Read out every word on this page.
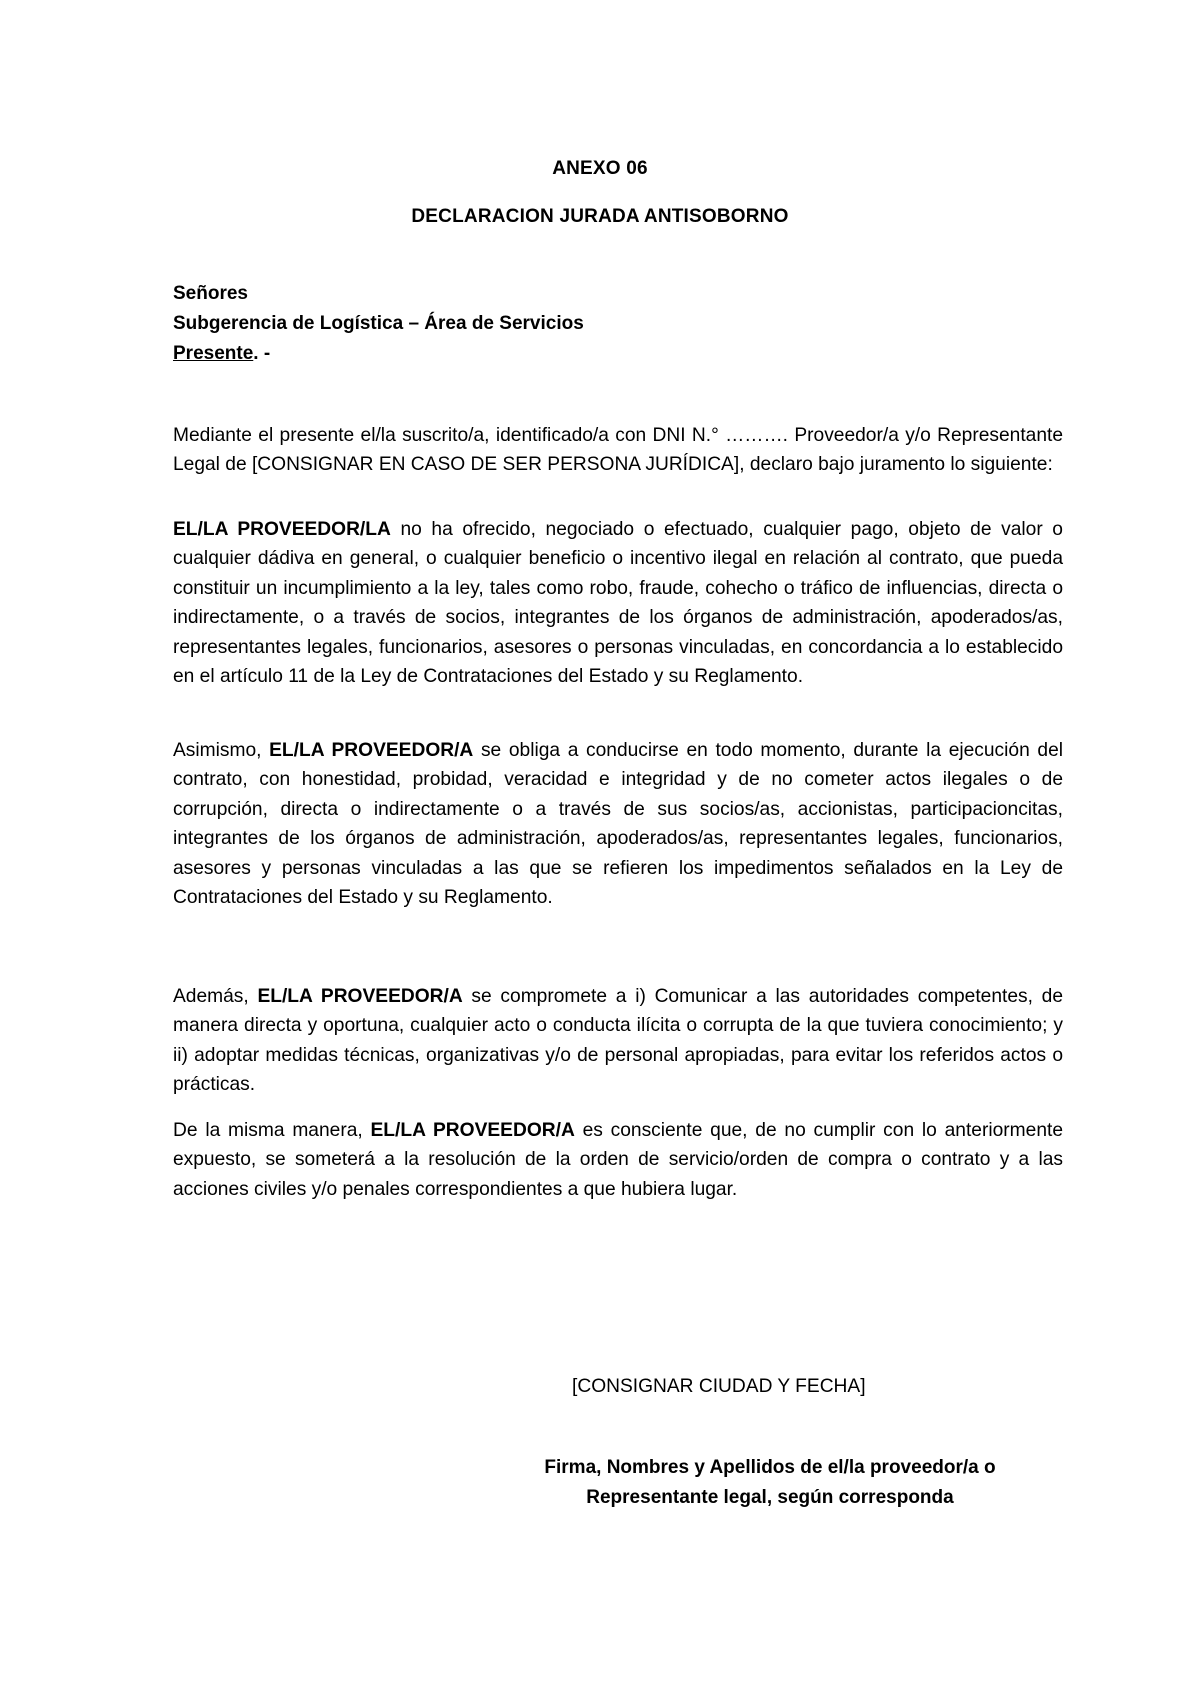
ANEXO 06
DECLARACION JURADA ANTISOBORNO
Señores
Subgerencia de Logística – Área de Servicios
Presente. -

Mediante el presente el/la suscrito/a, identificado/a con DNI N.° ………. Proveedor/a y/o Representante Legal de [CONSIGNAR EN CASO DE SER PERSONA JURÍDICA], declaro bajo juramento lo siguiente:

EL/LA PROVEEDOR/LA no ha ofrecido, negociado o efectuado, cualquier pago, objeto de valor o cualquier dádiva en general, o cualquier beneficio o incentivo ilegal en relación al contrato, que pueda constituir un incumplimiento a la ley, tales como robo, fraude, cohecho o tráfico de influencias, directa o indirectamente, o a través de socios, integrantes de los órganos de administración, apoderados/as, representantes legales, funcionarios, asesores o personas vinculadas, en concordancia a lo establecido en el artículo 11 de la Ley de Contrataciones del Estado y su Reglamento.

Asimismo, EL/LA PROVEEDOR/A se obliga a conducirse en todo momento, durante la ejecución del contrato, con honestidad, probidad, veracidad e integridad y de no cometer actos ilegales o de corrupción, directa o indirectamente o a través de sus socios/as, accionistas, participacioncitas, integrantes de los órganos de administración, apoderados/as, representantes legales, funcionarios, asesores y personas vinculadas a las que se refieren los impedimentos señalados en la Ley de Contrataciones del Estado y su Reglamento.

Además, EL/LA PROVEEDOR/A se compromete a i) Comunicar a las autoridades competentes, de manera directa y oportuna, cualquier acto o conducta ilícita o corrupta de la que tuviera conocimiento; y ii) adoptar medidas técnicas, organizativas y/o de personal apropiadas, para evitar los referidos actos o prácticas.

De la misma manera, EL/LA PROVEEDOR/A es consciente que, de no cumplir con lo anteriormente expuesto, se someterá a la resolución de la orden de servicio/orden de compra o contrato y a las acciones civiles y/o penales correspondientes a que hubiera lugar.

[CONSIGNAR CIUDAD Y FECHA]

Firma, Nombres y Apellidos de el/la proveedor/a o
Representante legal, según corresponda
